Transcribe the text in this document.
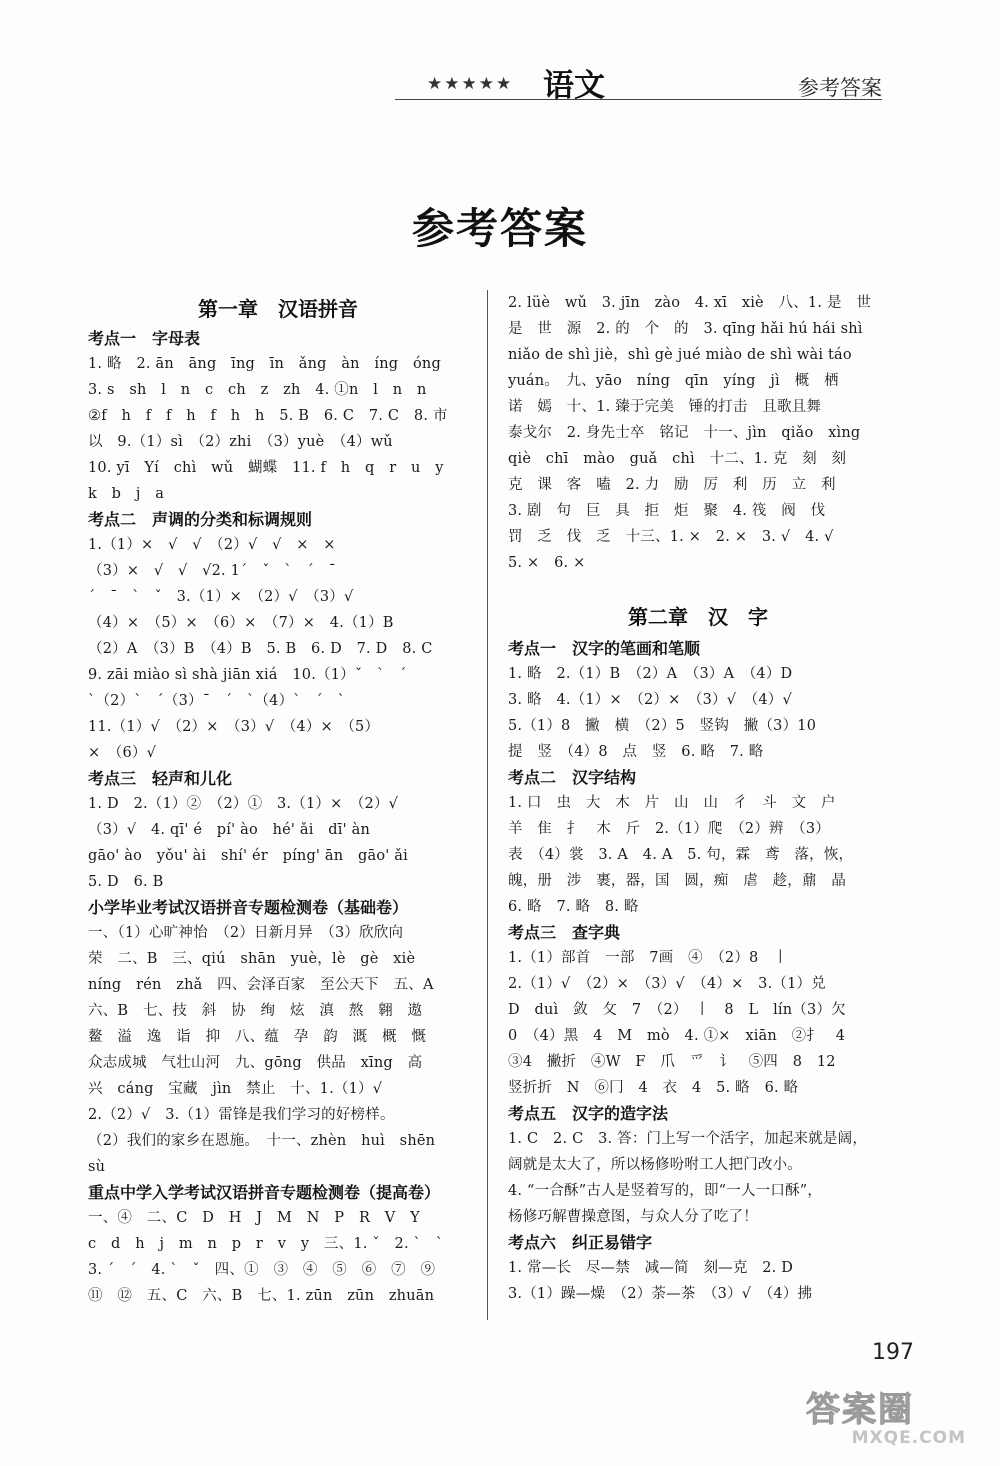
★★★★★ 语文	参考答案
参考答案
第一章　汉语拼音
考点一　字母表
1. 略　2. ān　āng　īng　īn　ǎng　àn　íng　óng
3. s　sh　l　n　c　ch　z　zh　4. ①n　l　n　n
②f　h　f　f　h　f　h　h　5. B　6. C　7. C　8. 市
以　9.（1）sì　（2）zhi　（3）yuè　（4）wǔ
10. yī　Yí　chì　wǔ　蝴蝶　11. f　h　q　r　u　y
k　b　j　a
考点二　声调的分类和标调规则
1.（1）×　√　√　（2）√　√　×　×
（3）×　√　√　√2. 1ˊ　ˇ　ˋ　ˊ　ˉ
ˊ　ˉ　ˋ　ˇ　3.（1）×　（2）√　（3）√
（4）×　（5）×　（6）×　（7）×　4.（1）B
（2）A　（3）B　（4）B　5. B　6. D　7. D　8. C
9. zāi miào sì shà jiān xiá　10.（1）ˇ　ˋ　ˊ
ˋ（2）ˋ　ˊ（3）ˉ　ˊ　ˋ（4）ˋ　ˊ　ˋ
11.（1）√　（2）×　（3）√　（4）×　（5）
×　（6）√
考点三　轻声和儿化
1. D　2.（1）②　（2）①　3.（1）×　（2）√
（3）√　4. qī' é　pí' ào　hé' ǎi　dī' àn
gāo' ào　yǒu' ài　shí' ér　píng' ān　gāo' ǎi
5. D　6. B
小学毕业考试汉语拼音专题检测卷（基础卷）
一、（1）心旷神怡　（2）日新月异　（3）欣欣向
荣　二、B　三、qiú　shān　yuè，lè　gè　xiè
níng　rén　zhǎ　四、会泽百家　至公天下　五、A
六、B　七、技　斜　协　绚　炫　滇　熬　翱　遨
鳌　溢　逸　诣　抑　八、蕴　孕　韵　溉　概　慨
众志成城　气壮山河　九、gōng　供品　xīng　高
兴　cáng　宝藏　jìn　禁止　十、1.（1）√
2.（2）√　3.（1）雷锋是我们学习的好榜样。
（2）我们的家乡在恩施。　十一、zhèn　huì　shēn
sù
重点中学入学考试汉语拼音专题检测卷（提高卷）
一、④　二、C　D　H　J　M　N　P　R　V　Y
c　d　h　j　m　n　p　r　v　y　三、1. ˇ　2. ˋ　ˋ
3. ˊ　ˊ　4. ˋ　ˇ　四、①　③　④　⑤　⑥　⑦　⑨
⑪　⑫　五、C　六、B　七、1. zūn　zūn　zhuān
2. lüè　wǔ　3. jīn　zào　4. xī　xiè　八、1. 是　世
是　世　源　2. 的　个　的　3. qīng hǎi hú hái shì
niǎo de shì jiè，shì gè jué miào de shì wài táo
yuán。　九、yāo　níng　qīn　yíng　jì　概　栖
诺　嫣　十、1. 臻于完美　锤的打击　且歌且舞
泰戈尔　2. 身先士卒　铭记　十一、jìn　qiǎo　xìng
qiè　chī　mào　guǎ　chì　十二、1. 克　刻　刻
克　课　客　嗑　2. 力　励　厉　利　历　立　利
3. 剧　句　巨　具　拒　炬　聚　4. 筏　阀　伐
罚　乏　伐　乏　十三、1. ×　2. ×　3. √　4. √
5. ×　6. ×
第二章　汉　字
考点一　汉字的笔画和笔顺
1. 略　2.（1）B　（2）A　（3）A　（4）D
3. 略　4.（1）×　（2）×　（3）√　（4）√
5.（1）8　撇　横　（2）5　竖钩　撇（3）10
提　竖　（4）8　点　竖　6. 略　7. 略
考点二　汉字结构
1. 口　虫　大　木　片　山　山　彳　斗　文　户
羊　隹　扌　木　斤　2.（1）爬　（2）辨　（3）
表　（4）裳　3. A　4. A　5. 句，霖　鸢　落，恢，
魄，册　涉　裹，器，国　圆，痴　虐　趁，鼐　晶
6. 略　7. 略　8. 略
考点三　查字典
1.（1）部首　一部　7画　④　（2）8　丨
2.（1）√　（2）×　（3）√　（4）×　3.（1）兑
D　duì　敛　攵　7　（2）　丨　8　L　lín（3）欠
0　（4）黑　4　M　mò　4. ①×　xiān　②扌　4
③4　撇折　④W　F　爪　爫　讠　⑤四　8　12
竖折折　N　⑥冂　4　衣　4　5. 略　6. 略
考点五　汉字的造字法
1. C　2. C　3. 答：门上写一个活字，加起来就是阔，
阔就是太大了，所以杨修吩咐工人把门改小。
4. “一合酥”古人是竖着写的，即“一人一口酥”，
杨修巧解曹操意图，与众人分了吃了！
考点六　纠正易错字
1. 常—长　尽—禁　减—简　刻—克　2. D
3.（1）躁—燥　（2）荼—茶　（3）√　（4）拂
197
答案圈
MXQE.COM
